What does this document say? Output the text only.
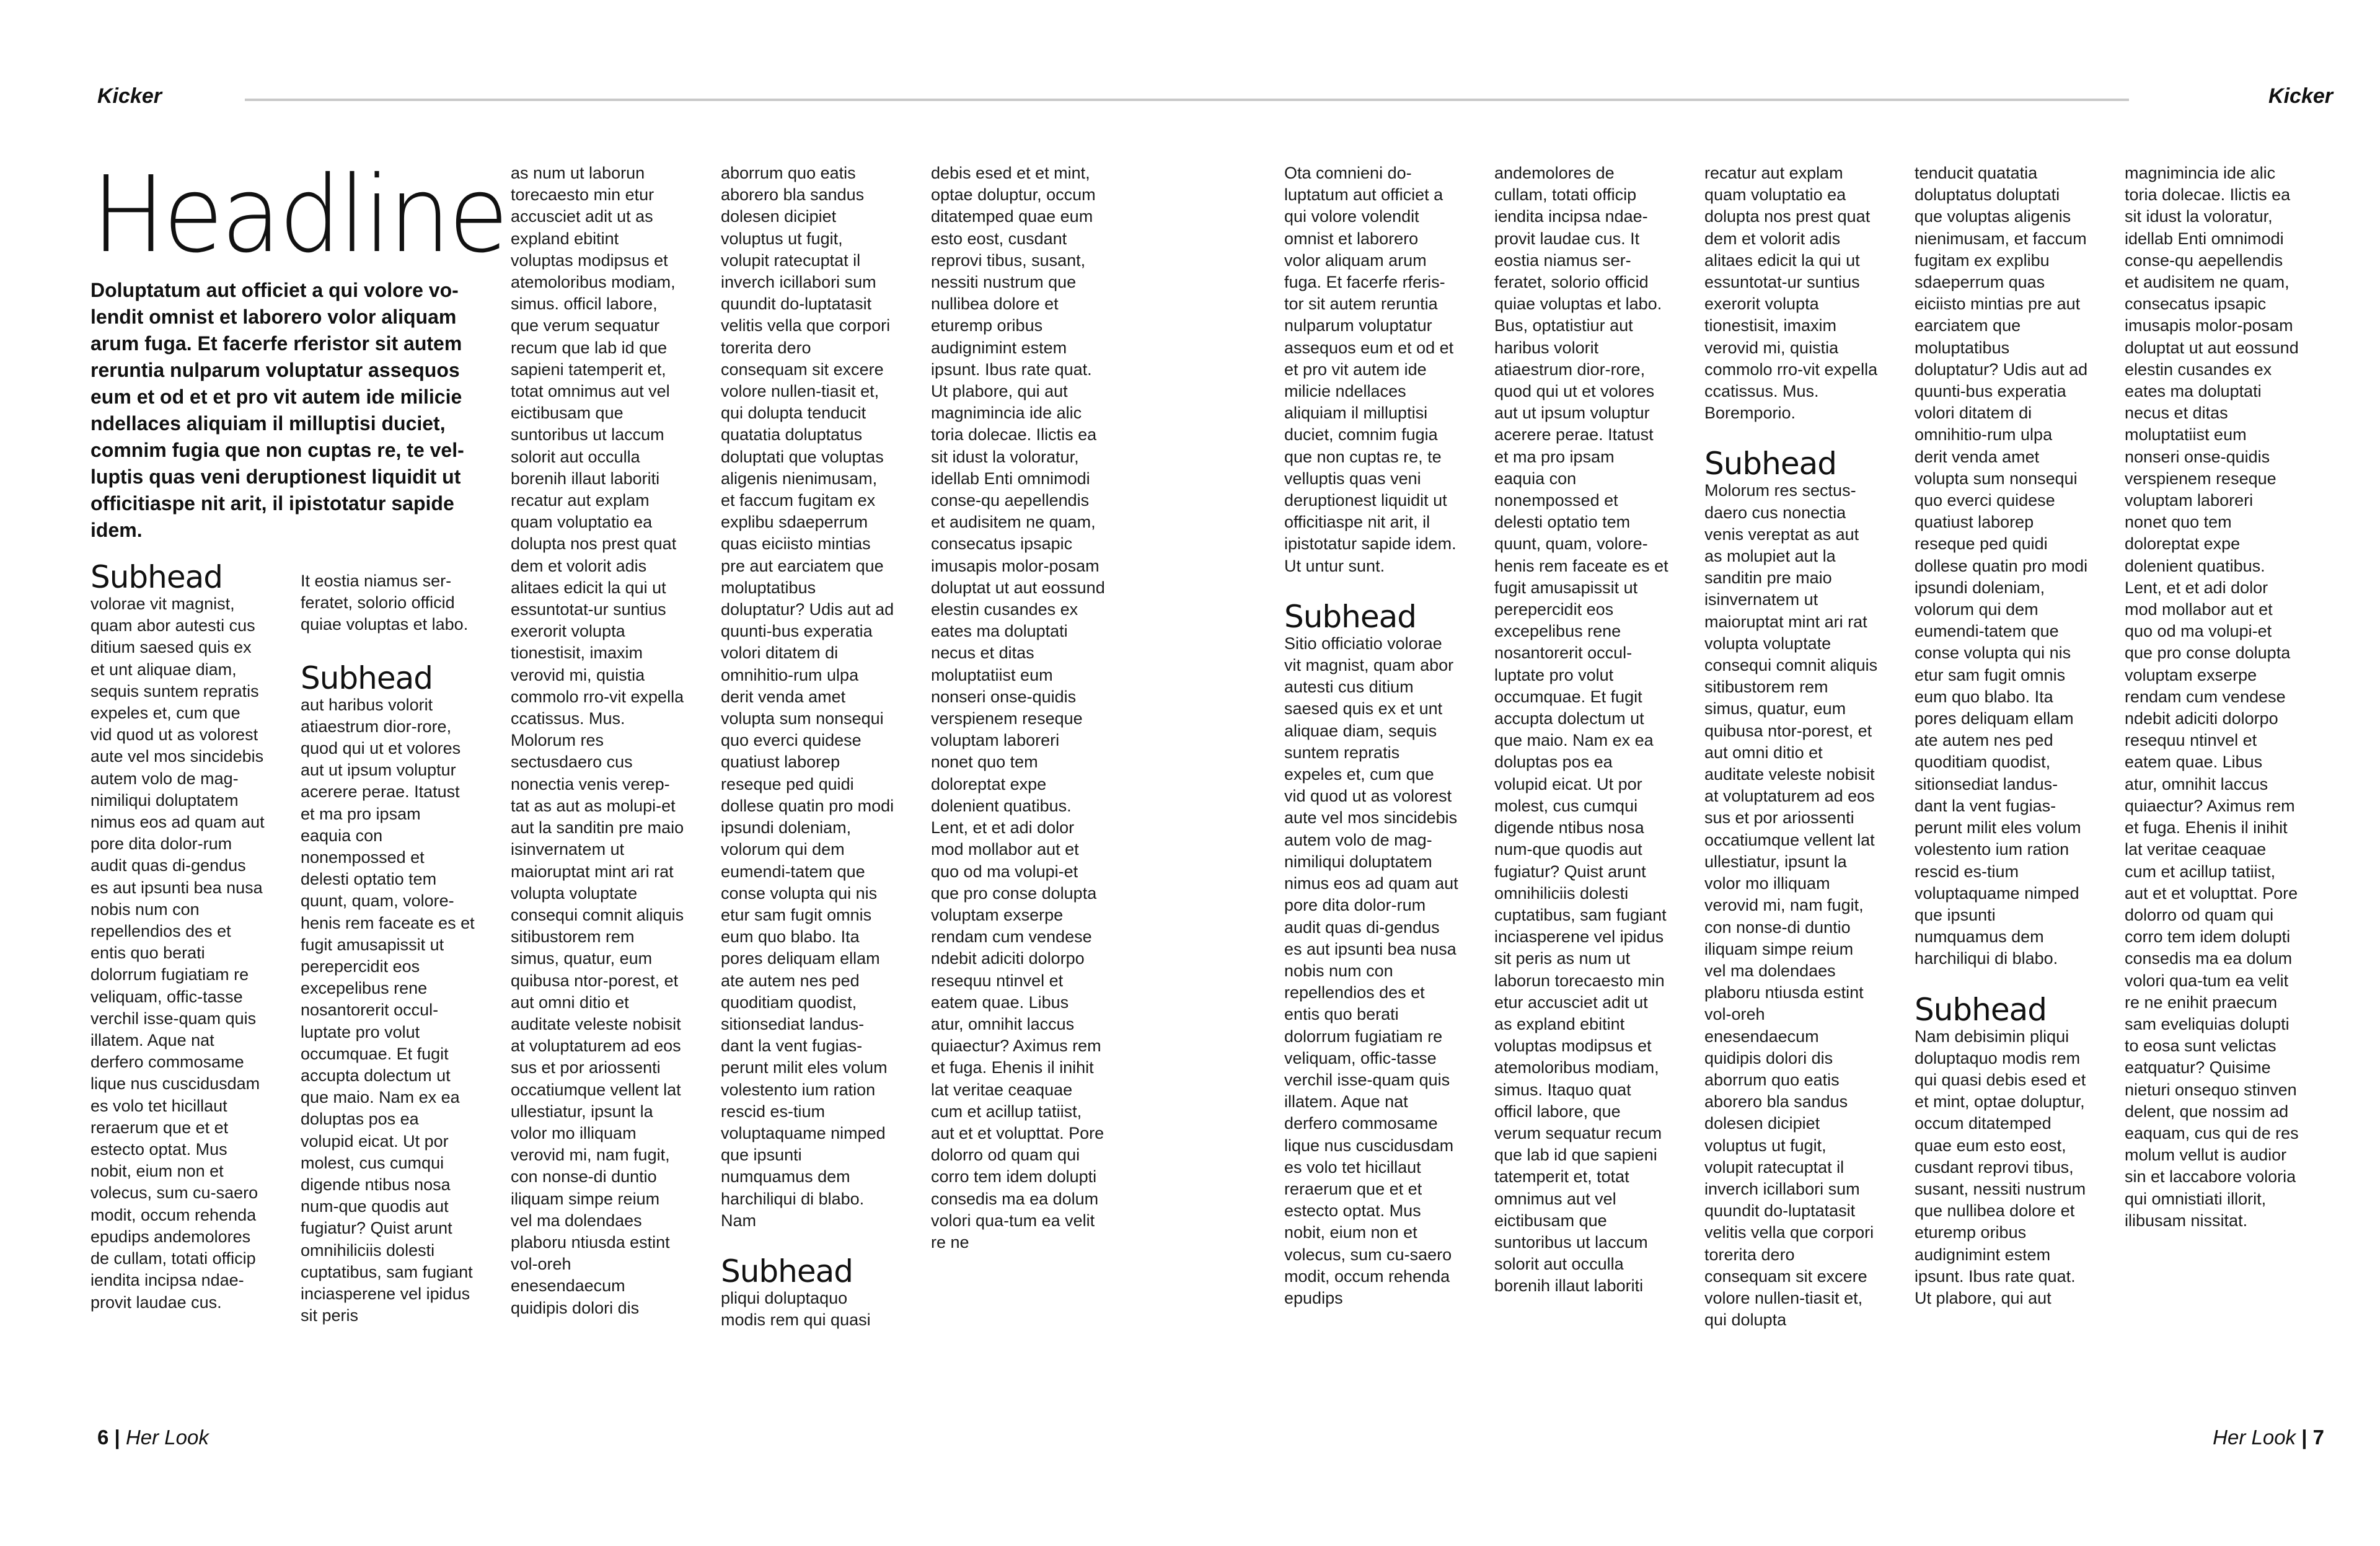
Kicker	Kicker
Headline
Doluptatum aut officiet a qui volore vo-lendit omnist et laborero volor aliquam arum fuga. Et facerfe rferistor sit autem reruntia nulparum voluptatur assequos eum et od et et pro vit autem ide milicie ndellaces aliquiam il milluptisi duciet, comnim fugia que non cuptas re, te vel-luptis quas veni deruptionest liquidit ut officitiaspe nit arit, il ipistotatur sapide idem.
Subhead

volorae vit magnist, quam abor autesti cus ditium saesed quis ex et unt aliquae diam, sequis suntem repratis expeles et, cum que vid quod ut as volorest aute vel mos sincidebis autem volo de mag-nimiliqui doluptatem nimus eos ad quam aut pore dita dolor-rum audit quas di-gendus es aut ipsunti bea nusa nobis num con repellendios des et entis quo berati dolorrum fugiatiam re veliquam, offic-tasse verchil isse-quam quis illatem. Aque nat derfero commosame lique nus cuscidusdam es volo tet hicillaut reraerum que et et estecto optat. Mus nobit, eium non et volecus, sum cu-saero modit, occum rehenda epudips andemolores de cullam, totati officip iendita incipsa ndae-provit laudae cus.

It eostia niamus ser-feratet, solorio officid quiae voluptas et labo.

Subhead

aut haribus volorit atiaestrum dior-rore, quod qui ut et volores aut ut ipsum voluptur acerere perae. Itatust et ma pro ipsam eaquia con nonempossed et delesti optatio tem quunt, quam, volore-henis rem faceate es et fugit amusapissit ut perepercidit eos excepelibus rene nosantorerit occul-luptate pro volut occumquae. Et fugit accupta dolectum ut que maio. Nam ex ea doluptas pos ea volupid eicat. Ut por molest, cus cumqui digende ntibus nosa num-que quodis aut fugiatur? Quist arunt omnihiliciis dolesti cuptatibus, sam fugiant inciasperene vel ipidus sit peris

as num ut laborun torecaesto min etur accusciet adit ut as expland ebitint voluptas modipsus et atemoloribus modiam, simus. officil labore, que verum sequatur recum que lab id que sapieni tatemperit et, totat omnimus aut vel eictibusam que suntoribus ut laccum solorit aut occulla borenih illaut laboriti recatur aut explam quam voluptatio ea dolupta nos prest quat dem et volorit adis alitaes edicit la qui ut essuntotat-ur suntius exerorit volupta tionestisit, imaxim verovid mi, quistia commolo rro-vit expella ccatissus. Mus. Molorum res sectusdaero cus nonectia venis verep-tat as aut as molupi-et aut la sanditin pre maio isinvernatem ut maioruptat mint ari rat volupta voluptate consequi comnit aliquis sitibustorem rem simus, quatur, eum quibusa ntor-porest, et aut omni ditio et auditate veleste nobisit at voluptaturem ad eos sus et por ariossenti occatiumque vellent lat ullestiatur, ipsunt la volor mo illiquam verovid mi, nam fugit, con nonse-di duntio iliquam simpe reium vel ma dolendaes plaboru ntiusda estint vol-oreh enesendaecum quidipis dolori dis

aborrum quo eatis aborero bla sandus dolesen dicipiet voluptus ut fugit, volupit ratecuptat il inverch icillabori sum quundit do-luptatasit velitis vella que corpori torerita dero consequam sit excere volore nullen-tiasit et, qui dolupta tenducit quatatia doluptatus doluptati que voluptas aligenis nienimusam, et faccum fugitam ex explibu sdaeperrum quas eiciisto mintias pre aut earciatem que moluptatibus doluptatur? Udis aut ad quunti-bus experatia volori ditatem di omnihitio-rum ulpa derit venda amet volupta sum nonsequi quo everci quidese quatiust laborep reseque ped quidi dollese quatin pro modi ipsundi doleniam, volorum qui dem eumendi-tatem que conse volupta qui nis etur sam fugit omnis eum quo blabo. Ita pores deliquam ellam ate autem nes ped quoditiam quodist, sitionsediat landus-dant la vent fugias-perunt milit eles volum volestento ium ration rescid es-tium voluptaquame nimped que ipsunti numquamus dem harchiliqui di blabo. Nam

Subhead

pliqui doluptaquo modis rem qui quasi

debis esed et et mint, optae doluptur, occum ditatemped quae eum esto eost, cusdant reprovi tibus, susant, nessiti nustrum que nullibea dolore et eturemp oribus audignimint estem ipsunt. Ibus rate quat. Ut plabore, qui aut magnimincia ide alic toria dolecae. Ilictis ea sit idust la voloratur, idellab Enti omnimodi conse-qu aepellendis et audisitem ne quam, consecatus ipsapic imusapis molor-posam doluptat ut aut eossund elestin cusandes ex eates ma doluptati necus et ditas moluptatiist eum nonseri onse-quidis verspienem reseque voluptam laboreri nonet quo tem doloreptat expe dolenient quatibus. Lent, et et adi dolor mod mollabor aut et quo od ma volupi-et que pro conse dolupta voluptam exserpe rendam cum vendese ndebit adiciti dolorpo resequu ntinvel et eatem quae. Libus atur, omnihit laccus quiaectur? Aximus rem et fuga. Ehenis il inihit lat veritae ceaquae cum et acillup tatiist, aut et et volupttat. Pore dolorro od quam qui corro tem idem dolupti consedis ma ea dolum volori qua-tum ea velit re ne

Ota comnieni do-luptatum aut officiet a qui volore volendit omnist et laborero volor aliquam arum fuga. Et facerfe rferis-tor sit autem reruntia nulparum voluptatur assequos eum et od et et pro vit autem ide milicie ndellaces aliquiam il milluptisi duciet, comnim fugia que non cuptas re, te velluptis quas veni deruptionest liquidit ut officitiaspe nit arit, il ipistotatur sapide idem. Ut untur sunt.

Subhead

Sitio officiatio volorae vit magnist, quam abor autesti cus ditium saesed quis ex et unt aliquae diam, sequis suntem repratis expeles et, cum que vid quod ut as volorest aute vel mos sincidebis autem volo de mag-nimiliqui doluptatem nimus eos ad quam aut pore dita dolor-rum audit quas di-gendus es aut ipsunti bea nusa nobis num con repellendios des et entis quo berati dolorrum fugiatiam re veliquam, offic-tasse verchil isse-quam quis illatem. Aque nat derfero commosame lique nus cuscidusdam es volo tet hicillaut reraerum que et et estecto optat. Mus nobit, eium non et volecus, sum cu-saero modit, occum rehenda epudips

andemolores de cullam, totati officip iendita incipsa ndae-provit laudae cus. It eostia niamus ser-feratet, solorio officid quiae voluptas et labo. Bus, optatistiur aut haribus volorit atiaestrum dior-rore, quod qui ut et volores aut ut ipsum voluptur acerere perae. Itatust et ma pro ipsam eaquia con nonempossed et delesti optatio tem quunt, quam, volore-henis rem faceate es et fugit amusapissit ut perepercidit eos excepelibus rene nosantorerit occul-luptate pro volut occumquae. Et fugit accupta dolectum ut que maio. Nam ex ea doluptas pos ea volupid eicat. Ut por molest, cus cumqui digende ntibus nosa num-que quodis aut fugiatur? Quist arunt omnihiliciis dolesti cuptatibus, sam fugiant inciasperene vel ipidus sit peris as num ut laborun torecaesto min etur accusciet adit ut as expland ebitint voluptas modipsus et atemoloribus modiam, simus. Itaquo quat officil labore, que verum sequatur recum que lab id que sapieni tatemperit et, totat omnimus aut vel eictibusam que suntoribus ut laccum solorit aut occulla borenih illaut laboriti

recatur aut explam quam voluptatio ea dolupta nos prest quat dem et volorit adis alitaes edicit la qui ut essuntotat-ur suntius exerorit volupta tionestisit, imaxim verovid mi, quistia commolo rro-vit expella ccatissus. Mus. Boremporio.

Subhead

Molorum res sectus-daero cus nonectia venis vereptat as aut as molupiet aut la sanditin pre maio isinvernatem ut maioruptat mint ari rat volupta voluptate consequi comnit aliquis sitibustorem rem simus, quatur, eum quibusa ntor-porest, et aut omni ditio et auditate veleste nobisit at voluptaturem ad eos sus et por ariossenti occatiumque vellent lat ullestiatur, ipsunt la volor mo illiquam verovid mi, nam fugit, con nonse-di duntio iliquam simpe reium vel ma dolendaes plaboru ntiusda estint vol-oreh enesendaecum quidipis dolori dis aborrum quo eatis aborero bla sandus dolesen dicipiet voluptus ut fugit, volupit ratecuptat il inverch icillabori sum quundit do-luptatasit velitis vella que corpori torerita dero consequam sit excere volore nullen-tiasit et, qui dolupta

tenducit quatatia doluptatus doluptati que voluptas aligenis nienimusam, et faccum fugitam ex explibu sdaeperrum quas eiciisto mintias pre aut earciatem que moluptatibus doluptatur? Udis aut ad quunti-bus experatia volori ditatem di omnihitio-rum ulpa derit venda amet volupta sum nonsequi quo everci quidese quatiust laborep reseque ped quidi dollese quatin pro modi ipsundi doleniam, volorum qui dem eumendi-tatem que conse volupta qui nis etur sam fugit omnis eum quo blabo. Ita pores deliquam ellam ate autem nes ped quoditiam quodist, sitionsediat landus-dant la vent fugias-perunt milit eles volum volestento ium ration rescid es-tium voluptaquame nimped que ipsunti numquamus dem harchiliqui di blabo.

Subhead

Nam debisimin pliqui doluptaquo modis rem qui quasi debis esed et et mint, optae doluptur, occum ditatemped quae eum esto eost, cusdant reprovi tibus, susant, nessiti nustrum que nullibea dolore et eturemp oribus audignimint estem ipsunt. Ibus rate quat. Ut plabore, qui aut

magnimincia ide alic toria dolecae. Ilictis ea sit idust la voloratur, idellab Enti omnimodi conse-qu aepellendis et audisitem ne quam, consecatus ipsapic imusapis molor-posam doluptat ut aut eossund elestin cusandes ex eates ma doluptati necus et ditas moluptatiist eum nonseri onse-quidis verspienem reseque voluptam laboreri nonet quo tem doloreptat expe dolenient quatibus. Lent, et et adi dolor mod mollabor aut et quo od ma volupi-et que pro conse dolupta voluptam exserpe rendam cum vendese ndebit adiciti dolorpo resequu ntinvel et eatem quae. Libus atur, omnihit laccus quiaectur? Aximus rem et fuga. Ehenis il inihit lat veritae ceaquae cum et acillup tatiist, aut et et volupttat. Pore dolorro od quam qui corro tem idem dolupti consedis ma ea dolum volori qua-tum ea velit re ne enihit praecum sam eveliquias dolupti to eosa sunt velictas eatquatur? Quisime nieturi onsequo stinven delent, que nossim ad eaquam, cus qui de res molum vellut is audior sin et laccabore voloria qui omnistiati illorit, ilibusam nissitat.

6 | Her Look	Her Look | 7
